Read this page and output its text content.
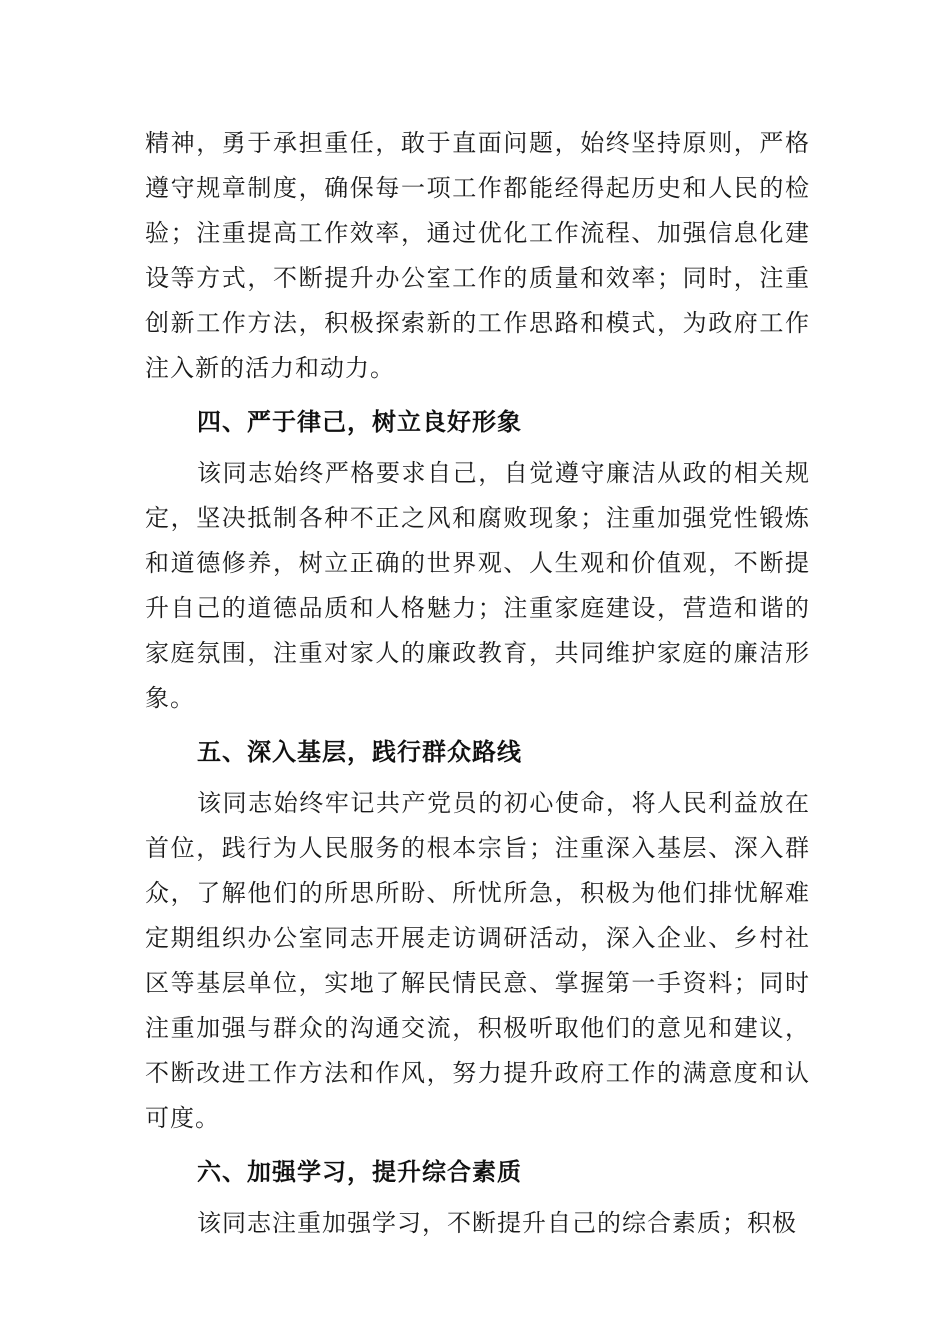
精神，勇于承担重任，敢于直面问题，始终坚持原则，严格遵守规章制度，确保每一项工作都能经得起历史和人民的检验；注重提高工作效率，通过优化工作流程、加强信息化建设等方式，不断提升办公室工作的质量和效率；同时，注重创新工作方法，积极探索新的工作思路和模式，为政府工作注入新的活力和动力。

四、严于律己，树立良好形象

该同志始终严格要求自己，自觉遵守廉洁从政的相关规定，坚决抵制各种不正之风和腐败现象；注重加强党性锻炼和道德修养，树立正确的世界观、人生观和价值观，不断提升自己的道德品质和人格魅力；注重家庭建设，营造和谐的家庭氛围，注重对家人的廉政教育，共同维护家庭的廉洁形象。

五、深入基层，践行群众路线

该同志始终牢记共产党员的初心使命，将人民利益放在首位，践行为人民服务的根本宗旨；注重深入基层、深入群众，了解他们的所思所盼、所忧所急，积极为他们排忧解难定期组织办公室同志开展走访调研活动，深入企业、乡村社区等基层单位，实地了解民情民意、掌握第一手资料；同时注重加强与群众的沟通交流，积极听取他们的意见和建议，不断改进工作方法和作风，努力提升政府工作的满意度和认可度。

六、加强学习，提升综合素质

该同志注重加强学习，不断提升自己的综合素质；积极
